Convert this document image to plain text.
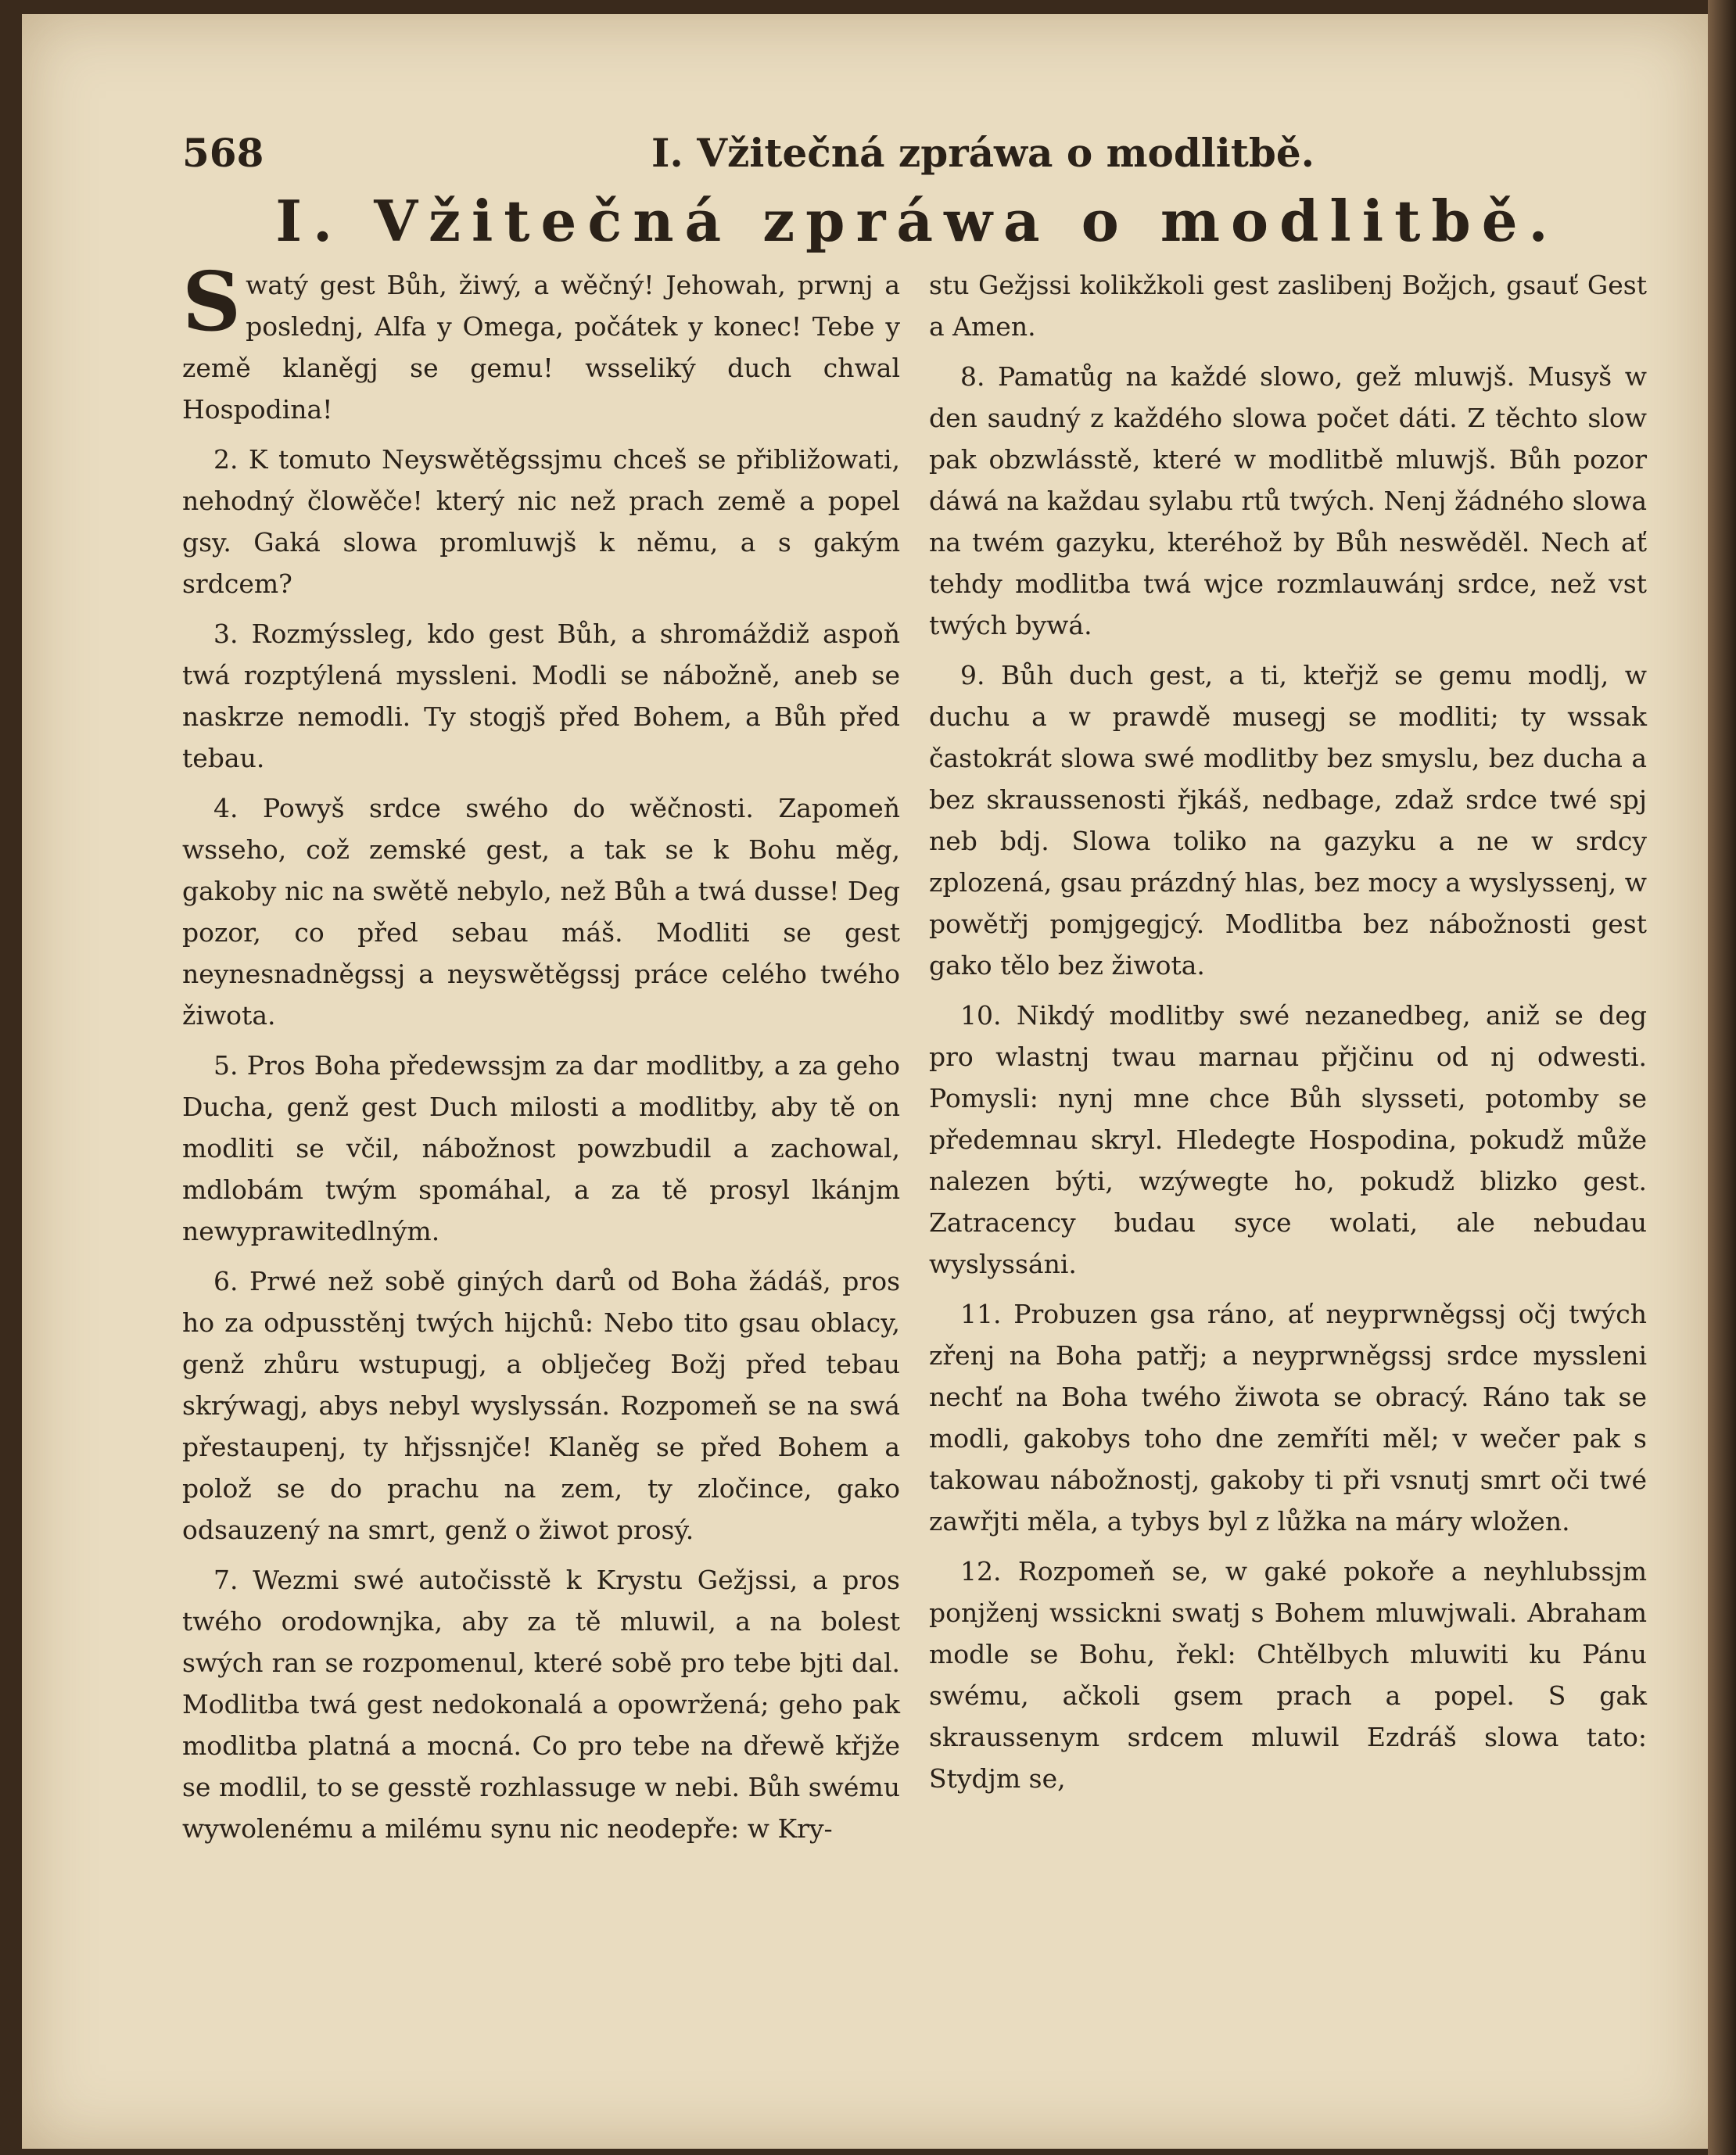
568	I. Vžitečná zpráwa o modlitbě.
I. Vžitečná zpráwa o modlitbě.

Swatý gest Bůh, žiwý, a wěčný! Jehowah, prwnj a poslednj, Alfa y Omega, počátek y konec! Tebe y země klaněgj se gemu! wsseliký duch chwal Hospodina!

2. K tomuto Neyswětěgssjmu chceš se přibližowati, nehodný člowěče! který nic než prach země a popel gsy. Gaká slowa promluwjš k němu, a s gakým srdcem?

3. Rozmýssleg, kdo gest Bůh, a shromáždiž aspoň twá rozptýlená myssleni. Modli se nábožně, aneb se naskrze nemodli. Ty stogjš před Bohem, a Bůh před tebau.

4. Powyš srdce swého do wěčnosti. Zapomeň wsseho, což zemské gest, a tak se k Bohu měg, gakoby nic na swětě nebylo, než Bůh a twá dusse! Deg pozor, co před sebau máš. Modliti se gest neynesnadněgssj a neyswětěgssj práce celého twého žiwota.

5. Pros Boha předewssjm za dar modlitby, a za geho Ducha, genž gest Duch milosti a modlitby, aby tě on modliti se včil, nábožnost powzbudil a zachowal, mdlobám twým spomáhal, a za tě prosyl lkánjm newyprawitedlným.

6. Prwé než sobě giných darů od Boha žádáš, pros ho za odpusstěnj twých hijchů: Nebo tito gsau oblacy, genž zhůru wstupugj, a oblječeg Božj před tebau skrýwagj, abys nebyl wyslyssán. Rozpomeň se na swá přestaupenj, ty hřjssnjče! Klaněg se před Bohem a polož se do prachu na zem, ty zločince, gako odsauzený na smrt, genž o žiwot prosý.

7. Wezmi swé autočisstě k Krystu Gežjssi, a pros twého orodownjka, aby za tě mluwil, a na bolest swých ran se rozpomenul, které sobě pro tebe bjti dal. Modlitba twá gest nedokonalá a opowržená; geho pak modlitba platná a mocná. Co pro tebe na dřewě křjže se modlil, to se gesstě rozhlassuge w nebi. Bůh swému wywolenému a milému synu nic neodepře: w Kry-

stu Gežjssi kolikžkoli gest zaslibenj Božjch, gsauť Gest a Amen.

8. Pamatůg na každé slowo, gež mluwjš. Musyš w den saudný z každého slowa počet dáti. Z těchto slow pak obzwlásstě, které w modlitbě mluwjš. Bůh pozor dáwá na každau sylabu rtů twých. Nenj žádného slowa na twém gazyku, kteréhož by Bůh neswěděl. Nech ať tehdy modlitba twá wjce rozmlauwánj srdce, než vst twých bywá.

9. Bůh duch gest, a ti, kteřjž se gemu modlj, w duchu a w prawdě musegj se modliti; ty wssak častokrát slowa swé modlitby bez smyslu, bez ducha a bez skraussenosti řjkáš, nedbage, zdaž srdce twé spj neb bdj. Slowa toliko na gazyku a ne w srdcy zplozená, gsau prázdný hlas, bez mocy a wyslyssenj, w powětřj pomjgegjcý. Modlitba bez nábožnosti gest gako tělo bez žiwota.

10. Nikdý modlitby swé nezanedbeg, aniž se deg pro wlastnj twau marnau přjčinu od nj odwesti. Pomysli: nynj mne chce Bůh slysseti, potomby se předemnau skryl. Hledegte Hospodina, pokudž může nalezen býti, wzýwegte ho, pokudž blizko gest. Zatracency budau syce wolati, ale nebudau wyslyssáni.

11. Probuzen gsa ráno, ať neyprwněgssj očj twých zřenj na Boha patřj; a neyprwněgssj srdce myssleni nechť na Boha twého žiwota se obracý. Ráno tak se modli, gakobys toho dne zemříti měl; v wečer pak s takowau nábožnostj, gakoby ti při vsnutj smrt oči twé zawřjti měla, a tybys byl z lůžka na máry wložen.

12. Rozpomeň se, w gaké pokoře a neyhlubssjm ponjženj wssickni swatj s Bohem mluwjwali. Abraham modle se Bohu, řekl: Chtělbych mluwiti ku Pánu swému, ačkoli gsem prach a popel. S gak skraussenym srdcem mluwil Ezdráš slowa tato: Stydjm se,
